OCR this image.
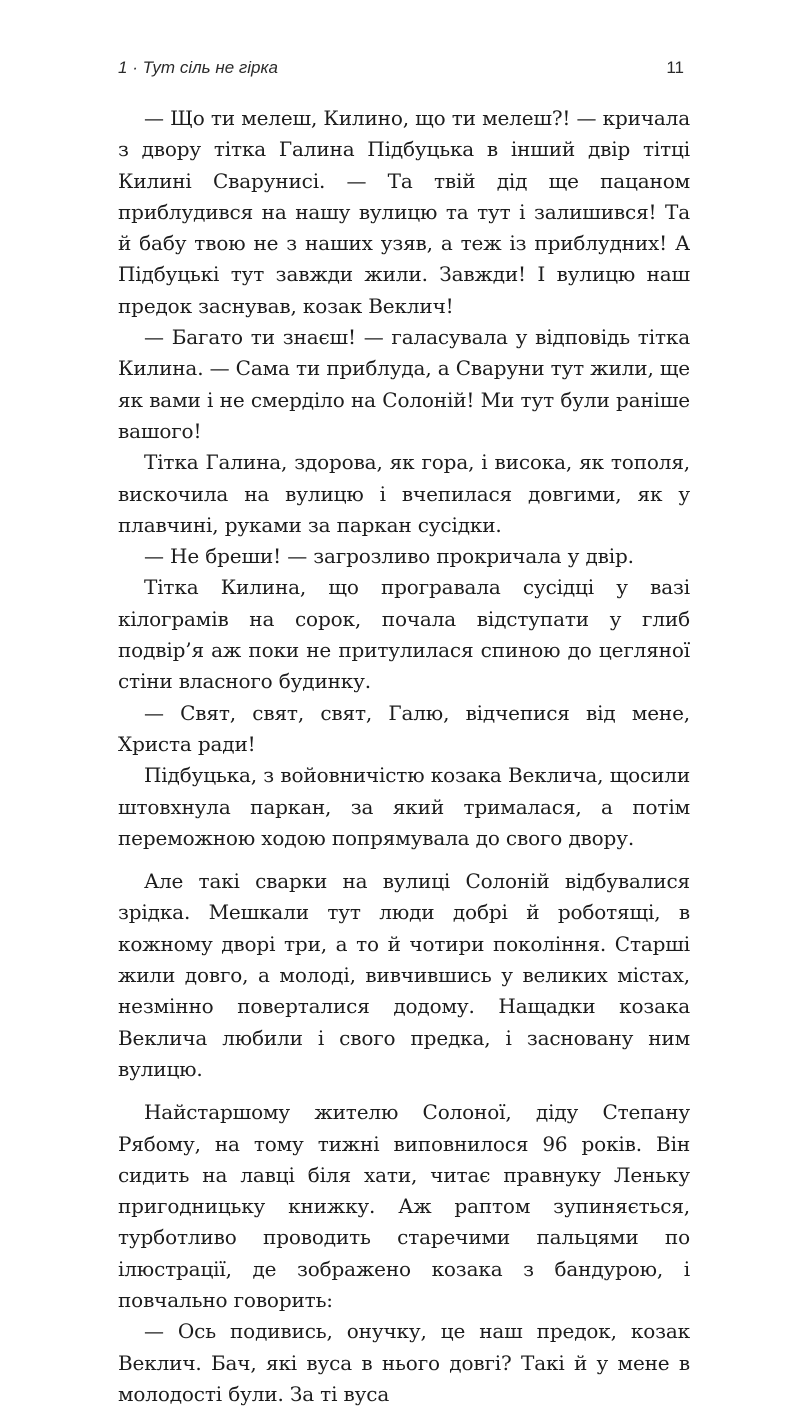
1 · Тут сіль не гірка	11

— Що ти мелеш, Килино, що ти мелеш?! — кричала з двору тітка Галина Підбуцька в інший двір тітці Килині Сварунисі. — Та твій дід ще пацаном приблудився на нашу вулицю та тут і залишився! Та й бабу твою не з наших узяв, а теж із приблудних! А Підбуцькі тут завжди жили. Завжди! І вулицю наш предок заснував, козак Веклич!

— Багато ти знаєш! — галасувала у відповідь тітка Килина. — Сама ти приблуда, а Сваруни тут жили, ще як вами і не смерділо на Солоній! Ми тут були раніше вашого!

Тітка Галина, здорова, як гора, і висока, як тополя, вискочила на вулицю і вчепилася довгими, як у плавчині, руками за паркан сусідки.

— Не бреши! — загрозливо прокричала у двір.

Тітка Килина, що програвала сусідці у вазі кілограмів на сорок, почала відступати у глиб подвір’я аж поки не притулилася спиною до цегляної стіни власного будинку.

— Свят, свят, свят, Галю, відчепися від мене, Христа ради!

Підбуцька, з войовничістю козака Веклича, щосили штовхнула паркан, за який трималася, а потім переможною ходою попрямувала до свого двору.

Але такі сварки на вулиці Солоній відбувалися зрідка. Мешкали тут люди добрі й роботящі, в кожному дворі три, а то й чотири покоління. Старші жили довго, а молоді, вивчившись у великих містах, незмінно поверталися додому. Нащадки козака Веклича любили і свого предка, і засновану ним вулицю.

Найстаршому жителю Солоної, діду Степану Рябому, на тому тижні виповнилося 96 років. Він сидить на лавці біля хати, читає правнуку Леньку пригодницьку книжку. Аж раптом зупиняється, турботливо проводить старечими пальцями по ілюстрації, де зображено козака з бандурою, і повчально говорить:

— Ось подивись, онучку, це наш предок, козак Веклич. Бач, які вуса в нього довгі? Такі й у мене в молодості були. За ті вуса
